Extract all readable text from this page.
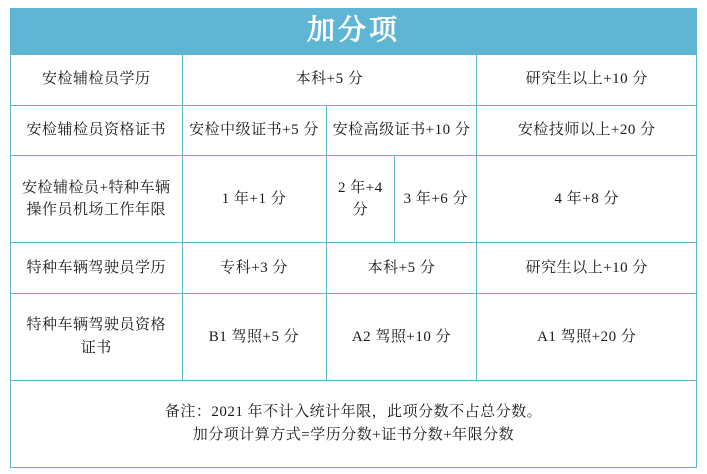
加分项
安检辅检员学历	本科+5 分			研究生以上+10 分
安检辅检员资格证书	安检中级证书+5 分	安检高级证书+10 分		安检技师以上+20 分

安检辅检员+特种车辆
操作员机场工作年限	1 年+1 分	2 年+4 分	3 年+6 分	4 年+8 分
特种车辆驾驶员学历	专科+3 分	本科+5 分		研究生以上+10 分

特种车辆驾驶员资格
证书	B1 驾照+5 分	A2 驾照+10 分		A1 驾照+20 分

备注：2021 年不计入统计年限，此项分数不占总分数。
加分项计算方式=学历分数+证书分数+年限分数				
